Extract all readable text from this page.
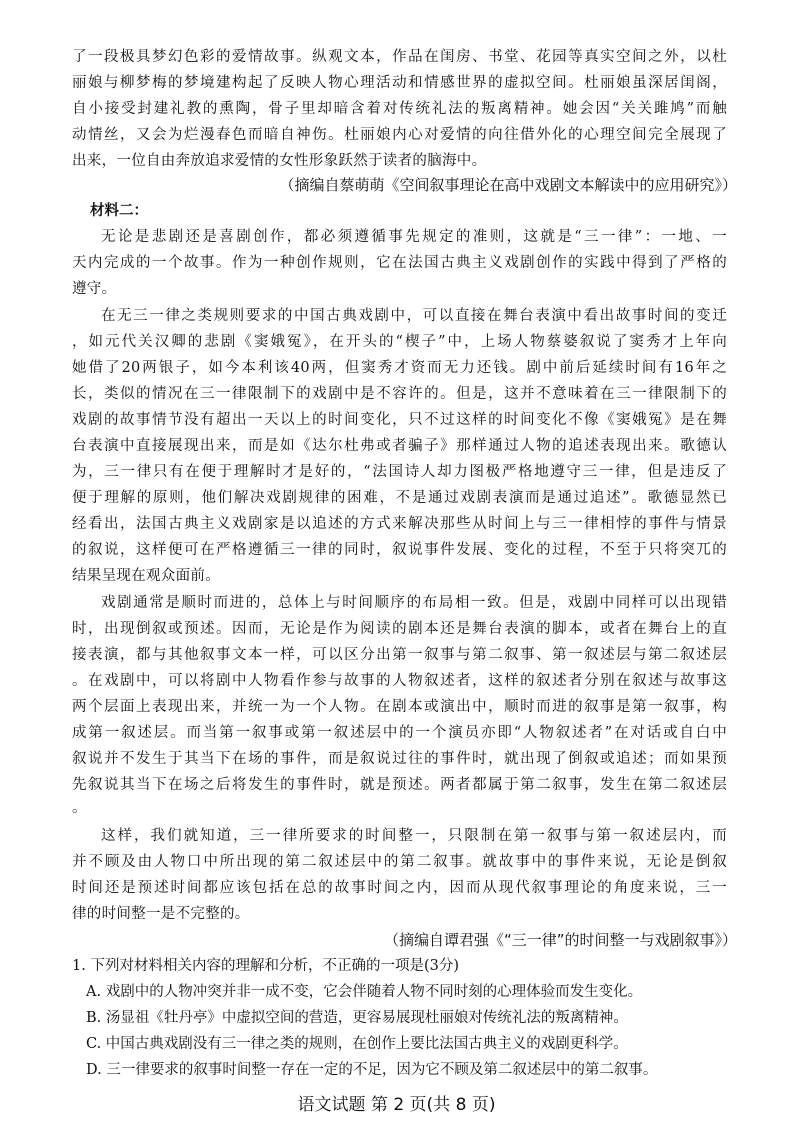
了一段极具梦幻色彩的爱情故事。纵观文本，作品在闺房、书堂、花园等真实空间之外，以杜
丽娘与柳梦梅的梦境建构起了反映人物心理活动和情感世界的虚拟空间。杜丽娘虽深居闺阁，
自小接受封建礼教的熏陶，骨子里却暗含着对传统礼法的叛离精神。她会因“关关雎鸠”而触
动情丝，又会为烂漫春色而暗自神伤。杜丽娘内心对爱情的向往借外化的心理空间完全展现了
出来，一位自由奔放追求爱情的女性形象跃然于读者的脑海中。
（摘编自蔡萌萌《空间叙事理论在高中戏剧文本解读中的应用研究》）
材料二：
无论是悲剧还是喜剧创作，都必须遵循事先规定的准则，这就是“三一律”：一地、一
天内完成的一个故事。作为一种创作规则，它在法国古典主义戏剧创作的实践中得到了严格的
遵守。
在无三一律之类规则要求的中国古典戏剧中，可以直接在舞台表演中看出故事时间的变迁
，如元代关汉卿的悲剧《窦娥冤》，在开头的“楔子”中，上场人物蔡婆叙说了窦秀才上年向
她借了20两银子，如今本利该40两，但窦秀才资而无力还钱。剧中前后延续时间有16年之
长，类似的情况在三一律限制下的戏剧中是不容许的。但是，这并不意味着在三一律限制下的
戏剧的故事情节没有超出一天以上的时间变化，只不过这样的时间变化不像《窦娥冤》是在舞
台表演中直接展现出来，而是如《达尔杜弗或者骗子》那样通过人物的追述表现出来。歌德认
为，三一律只有在便于理解时才是好的，“法国诗人却力图极严格地遵守三一律，但是违反了
便于理解的原则，他们解决戏剧规律的困难，不是通过戏剧表演而是通过追述”。歌德显然已
经看出，法国古典主义戏剧家是以追述的方式来解决那些从时间上与三一律相悖的事件与情景
的叙说，这样便可在严格遵循三一律的同时，叙说事件发展、变化的过程，不至于只将突兀的
结果呈现在观众面前。
戏剧通常是顺时而进的，总体上与时间顺序的布局相一致。但是，戏剧中同样可以出现错
时，出现倒叙或预述。因而，无论是作为阅读的剧本还是舞台表演的脚本，或者在舞台上的直
接表演，都与其他叙事文本一样，可以区分出第一叙事与第二叙事、第一叙述层与第二叙述层
。在戏剧中，可以将剧中人物看作参与故事的人物叙述者，这样的叙述者分别在叙述与故事这
两个层面上表现出来，并统一为一个人物。在剧本或演出中，顺时而进的叙事是第一叙事，构
成第一叙述层。而当第一叙事或第一叙述层中的一个演员亦即“人物叙述者”在对话或自白中
叙说并不发生于其当下在场的事件，而是叙说过往的事件时，就出现了倒叙或追述；而如果预
先叙说其当下在场之后将发生的事件时，就是预述。两者都属于第二叙事，发生在第二叙述层
。
这样，我们就知道，三一律所要求的时间整一，只限制在第一叙事与第一叙述层内，而
并不顾及由人物口中所出现的第二叙述层中的第二叙事。就故事中的事件来说，无论是倒叙
时间还是预述时间都应该包括在总的故事时间之内，因而从现代叙事理论的角度来说，三一
律的时间整一是不完整的。
（摘编自谭君强《“三一律”的时间整一与戏剧叙事》）
1. 下列对材料相关内容的理解和分析，不正确的一项是(3分)
A. 戏剧中的人物冲突并非一成不变，它会伴随着人物不同时刻的心理体验而发生变化。
B. 汤显祖《牡丹亭》中虚拟空间的营造，更容易展现杜丽娘对传统礼法的叛离精神。
C. 中国古典戏剧没有三一律之类的规则，在创作上要比法国古典主义的戏剧更科学。
D. 三一律要求的叙事时间整一存在一定的不足，因为它不顾及第二叙述层中的第二叙事。
语文试题 第 2 页(共 8 页)
